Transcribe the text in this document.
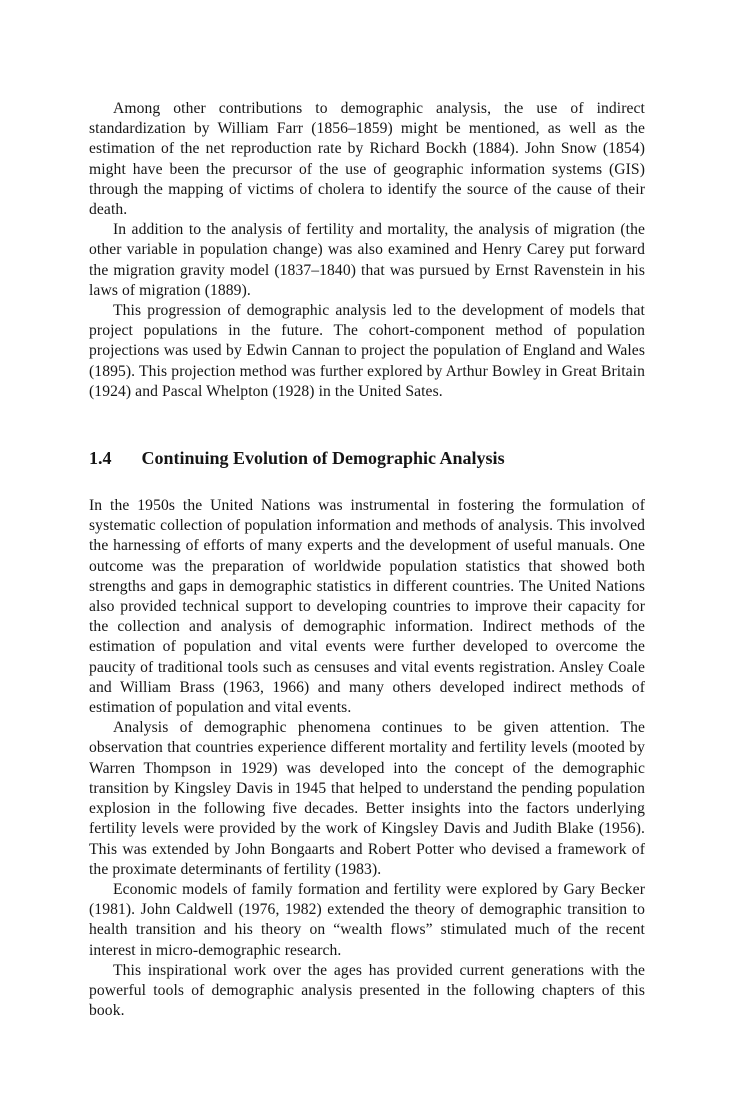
Among other contributions to demographic analysis, the use of indirect standardization by William Farr (1856–1859) might be mentioned, as well as the estimation of the net reproduction rate by Richard Bockh (1884). John Snow (1854) might have been the precursor of the use of geographic information systems (GIS) through the mapping of victims of cholera to identify the source of the cause of their death.

In addition to the analysis of fertility and mortality, the analysis of migration (the other variable in population change) was also examined and Henry Carey put forward the migration gravity model (1837–1840) that was pursued by Ernst Ravenstein in his laws of migration (1889).

This progression of demographic analysis led to the development of models that project populations in the future. The cohort-component method of population projections was used by Edwin Cannan to project the population of England and Wales (1895). This projection method was further explored by Arthur Bowley in Great Britain (1924) and Pascal Whelpton (1928) in the United Sates.

1.4 Continuing Evolution of Demographic Analysis

In the 1950s the United Nations was instrumental in fostering the formulation of systematic collection of population information and methods of analysis. This involved the harnessing of efforts of many experts and the development of useful manuals. One outcome was the preparation of worldwide population statistics that showed both strengths and gaps in demographic statistics in different countries. The United Nations also provided technical support to developing countries to improve their capacity for the collection and analysis of demographic information. Indirect methods of the estimation of population and vital events were further developed to overcome the paucity of traditional tools such as censuses and vital events registration. Ansley Coale and William Brass (1963, 1966) and many others developed indirect methods of estimation of population and vital events.

Analysis of demographic phenomena continues to be given attention. The observation that countries experience different mortality and fertility levels (mooted by Warren Thompson in 1929) was developed into the concept of the demographic transition by Kingsley Davis in 1945 that helped to understand the pending population explosion in the following five decades. Better insights into the factors underlying fertility levels were provided by the work of Kingsley Davis and Judith Blake (1956). This was extended by John Bongaarts and Robert Potter who devised a framework of the proximate determinants of fertility (1983).

Economic models of family formation and fertility were explored by Gary Becker (1981). John Caldwell (1976, 1982) extended the theory of demographic transition to health transition and his theory on “wealth flows” stimulated much of the recent interest in micro-demographic research.

This inspirational work over the ages has provided current generations with the powerful tools of demographic analysis presented in the following chapters of this book.
